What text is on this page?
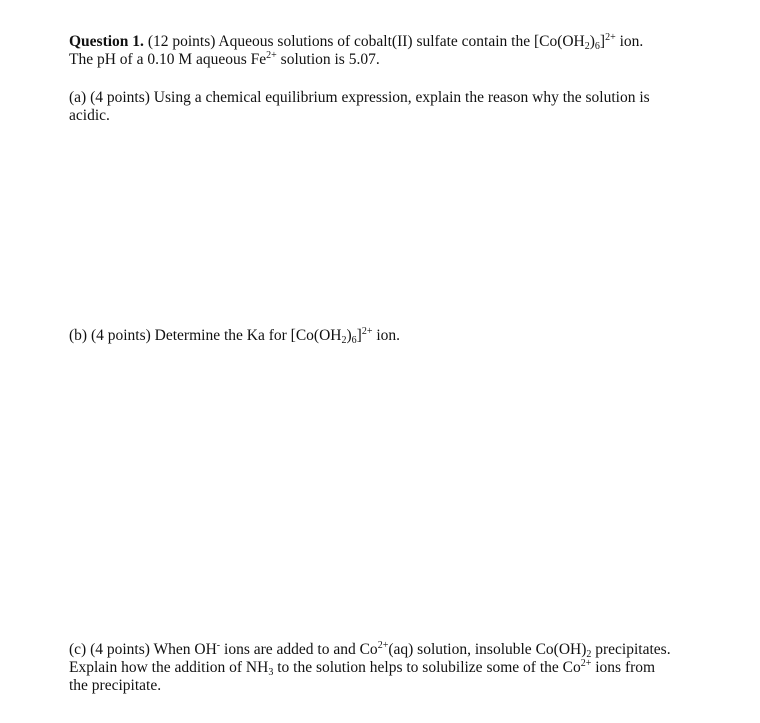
Question 1. (12 points) Aqueous solutions of cobalt(II) sulfate contain the $[Co(OH_2)_6]^{2+}$ ion.
The pH of a 0.10 M aqueous $Fe^{2+}$ solution is 5.07.
(a) (4 points) Using a chemical equilibrium expression, explain the reason why the solution is
acidic.
(b) (4 points) Determine the Ka for $[Co(OH_2)_6]^{2+}$ ion.
(c) (4 points) When OH- ions are added to and $Co^{2+}(aq)$ solution, insoluble $Co(OH)_2$ precipitates.
Explain how the addition of $NH_3$ to the solution helps to solubilize some of the $Co^{2+}$ ions from
the precipitate.
